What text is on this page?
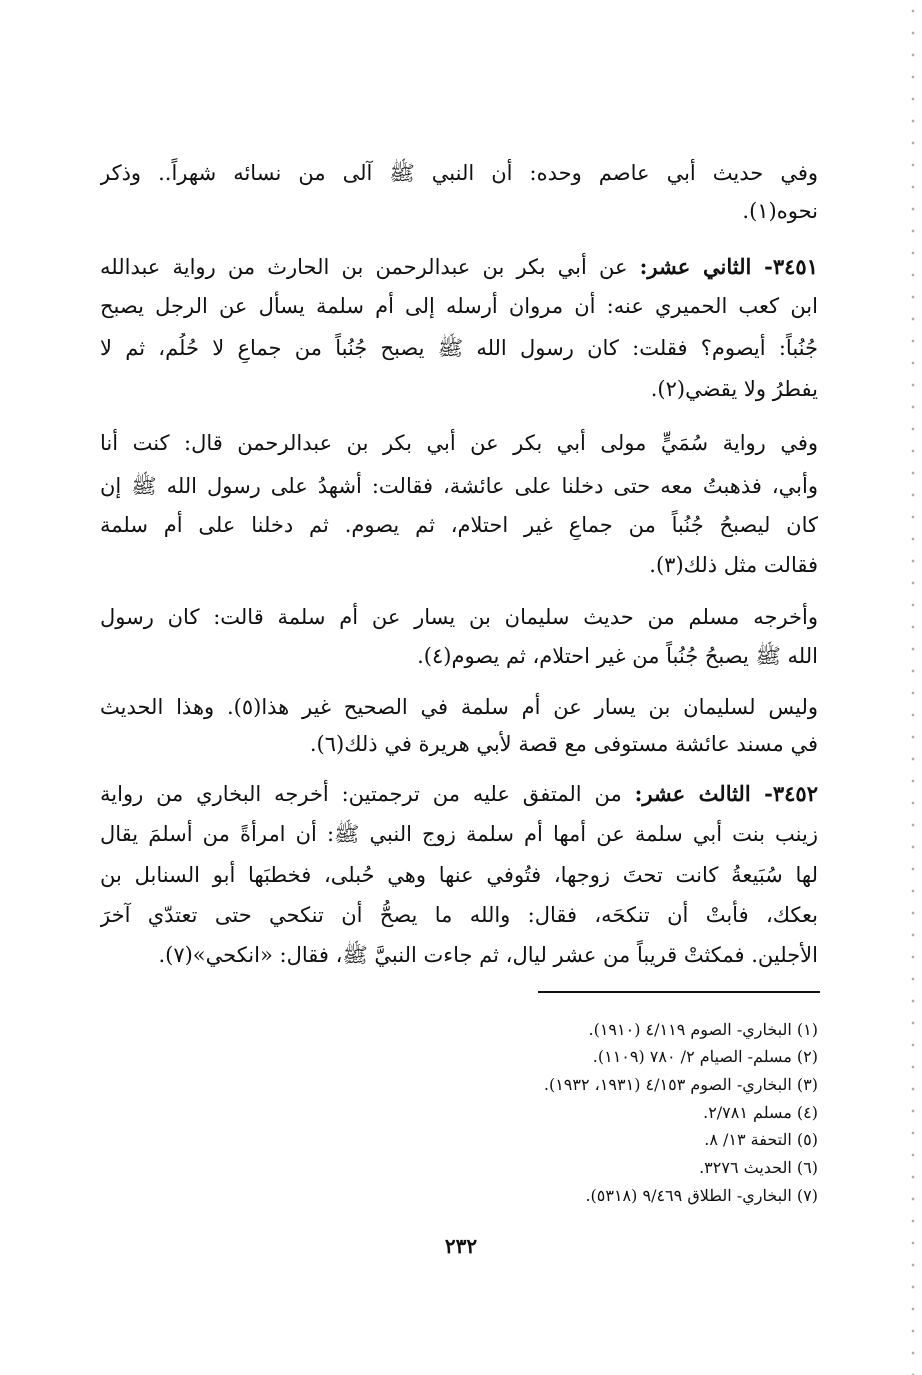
وفي حديث أبي عاصم وحده: أن النبي ﷺ آلى من نسائه شهراً.. وذكر
نحوه(١).
٣٤٥١- الثاني عشر: عن أبي بكر بن عبدالرحمن بن الحارث من رواية عبدالله
ابن كعب الحميري عنه: أن مروان أرسله إلى أم سلمة يسأل عن الرجل يصبح
جُنُباً: أيصوم؟ فقلت: كان رسول الله ﷺ يصبح جُنُباً من جماعٍ لا حُلُم، ثم لا
يفطرُ ولا يقضي(٢).
وفي رواية سُمَيٍّ مولى أبي بكر عن أبي بكر بن عبدالرحمن قال: كنت أنا
وأبي، فذهبتُ معه حتى دخلنا على عائشة، فقالت: أشهدُ على رسول الله ﷺ إن
كان ليصبحُ جُنُباً من جماعٍ غير احتلام، ثم يصوم. ثم دخلنا على أم سلمة
فقالت مثل ذلك(٣).
وأخرجه مسلم من حديث سليمان بن يسار عن أم سلمة قالت: كان رسول
الله ﷺ يصبحُ جُنُباً من غير احتلام، ثم يصوم(٤).
وليس لسليمان بن يسار عن أم سلمة في الصحيح غير هذا(٥). وهذا الحديث
في مسند عائشة مستوفى مع قصة لأبي هريرة في ذلك(٦).
٣٤٥٢- الثالث عشر: من المتفق عليه من ترجمتين: أخرجه البخاري من رواية
زينب بنت أبي سلمة عن أمها أم سلمة زوج النبي ﷺ: أن امرأةً من أسلمَ يقال
لها سُبَيعةُ كانت تحتَ زوجها، فتُوفي عنها وهي حُبلى، فخطبَها أبو السنابل بن
بعكك، فأبتْ أن تنكحَه، فقال: والله ما يصحُّ أن تنكحي حتى تعتدّي آخرَ
الأجلين. فمكثتْ قريباً من عشر ليال، ثم جاءت النبيَّ ﷺ، فقال: «انكحي»(٧).
(١) البخاري- الصوم ٤/١١٩ (١٩١٠).
(٢) مسلم- الصيام ٢/ ٧٨٠ (١١٠٩).
(٣) البخاري- الصوم ٤/١٥٣ (١٩٣١، ١٩٣٢).
(٤) مسلم ٢/٧٨١.
(٥) التحفة ١٣/ ٨.
(٦) الحديث ٣٢٧٦.
(٧) البخاري- الطلاق ٩/٤٦٩ (٥٣١٨).
٢٣٢
